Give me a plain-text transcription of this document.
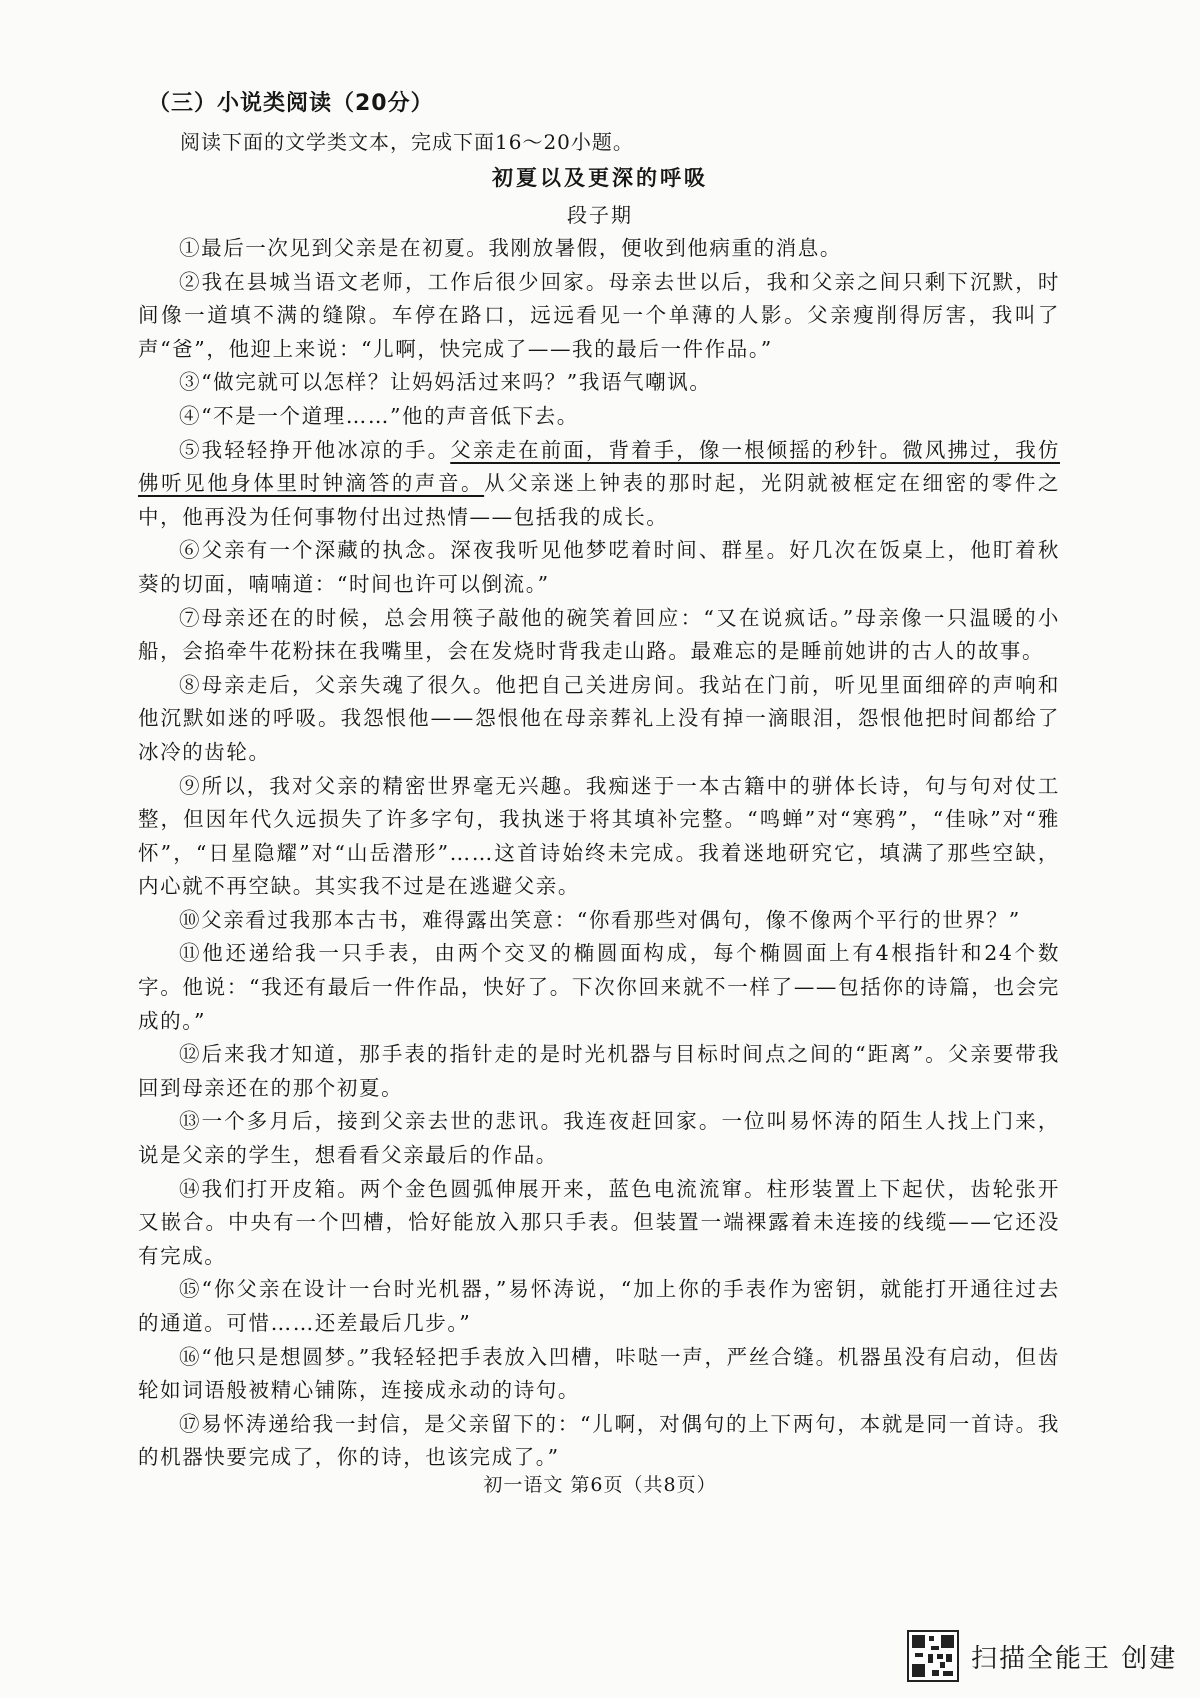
（三）小说类阅读（20分）
阅读下面的文学类文本，完成下面16～20小题。
初夏以及更深的呼吸
段子期

①最后一次见到父亲是在初夏。我刚放暑假，便收到他病重的消息。

②我在县城当语文老师，工作后很少回家。母亲去世以后，我和父亲之间只剩下沉默，时间像一道填不满的缝隙。车停在路口，远远看见一个单薄的人影。父亲瘦削得厉害，我叫了声“爸”，他迎上来说：“儿啊，快完成了——我的最后一件作品。”

③“做完就可以怎样？让妈妈活过来吗？”我语气嘲讽。

④“不是一个道理……”他的声音低下去。

⑤我轻轻挣开他冰凉的手。父亲走在前面，背着手，像一根倾摇的秒针。微风拂过，我仿佛听见他身体里时钟滴答的声音。从父亲迷上钟表的那时起，光阴就被框定在细密的零件之中，他再没为任何事物付出过热情——包括我的成长。

⑥父亲有一个深藏的执念。深夜我听见他梦呓着时间、群星。好几次在饭桌上，他盯着秋葵的切面，喃喃道：“时间也许可以倒流。”

⑦母亲还在的时候，总会用筷子敲他的碗笑着回应：“又在说疯话。”母亲像一只温暖的小船，会掐牵牛花粉抹在我嘴里，会在发烧时背我走山路。最难忘的是睡前她讲的古人的故事。

⑧母亲走后，父亲失魂了很久。他把自己关进房间。我站在门前，听见里面细碎的声响和他沉默如迷的呼吸。我怨恨他——怨恨他在母亲葬礼上没有掉一滴眼泪，怨恨他把时间都给了冰冷的齿轮。

⑨所以，我对父亲的精密世界毫无兴趣。我痴迷于一本古籍中的骈体长诗，句与句对仗工整，但因年代久远损失了许多字句，我执迷于将其填补完整。“鸣蝉”对“寒鸦”，“佳咏”对“雅怀”，“日星隐耀”对“山岳潜形”……这首诗始终未完成。我着迷地研究它，填满了那些空缺，内心就不再空缺。其实我不过是在逃避父亲。

⑩父亲看过我那本古书，难得露出笑意：“你看那些对偶句，像不像两个平行的世界？”

⑪他还递给我一只手表，由两个交叉的椭圆面构成，每个椭圆面上有4根指针和24个数字。他说：“我还有最后一件作品，快好了。下次你回来就不一样了——包括你的诗篇，也会完成的。”

⑫后来我才知道，那手表的指针走的是时光机器与目标时间点之间的“距离”。父亲要带我回到母亲还在的那个初夏。

⑬一个多月后，接到父亲去世的悲讯。我连夜赶回家。一位叫易怀涛的陌生人找上门来，说是父亲的学生，想看看父亲最后的作品。

⑭我们打开皮箱。两个金色圆弧伸展开来，蓝色电流流窜。柱形装置上下起伏，齿轮张开又嵌合。中央有一个凹槽，恰好能放入那只手表。但装置一端裸露着未连接的线缆——它还没有完成。

⑮“你父亲在设计一台时光机器，”易怀涛说，“加上你的手表作为密钥，就能打开通往过去的通道。可惜……还差最后几步。”

⑯“他只是想圆梦。”我轻轻把手表放入凹槽，咔哒一声，严丝合缝。机器虽没有启动，但齿轮如词语般被精心铺陈，连接成永动的诗句。

⑰易怀涛递给我一封信，是父亲留下的：“儿啊，对偶句的上下两句，本就是同一首诗。我的机器快要完成了，你的诗，也该完成了。”

初一语文 第6页（共8页）
扫描全能王 创建
